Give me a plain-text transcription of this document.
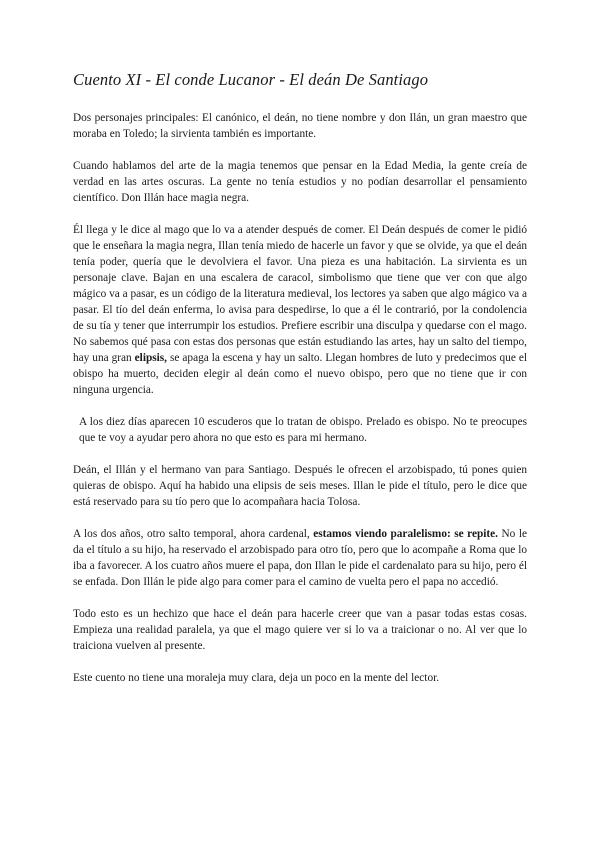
Cuento XI - El conde Lucanor - El deán De Santiago

Dos personajes principales: El canónico, el deán, no tiene nombre y don Ilán, un gran maestro que moraba en Toledo; la sirvienta también es importante.

Cuando hablamos del arte de la magia tenemos que pensar en la Edad Media, la gente creía de verdad en las artes oscuras. La gente no tenía estudios y no podían desarrollar el pensamiento científico. Don Illán hace magia negra.

Él llega y le dice al mago que lo va a atender después de comer. El Deán después de comer le pidió que le enseñara la magia negra, Illan tenía miedo de hacerle un favor y que se olvide, ya que el deán tenía poder, quería que le devolviera el favor. Una pieza es una habitación. La sirvienta es un personaje clave. Bajan en una escalera de caracol, simbolismo que tiene que ver con que algo mágico va a pasar, es un código de la literatura medieval, los lectores ya saben que algo mágico va a pasar. El tío del deán enferma, lo avisa para despedirse, lo que a él le contrarió, por la condolencia de su tía y tener que interrumpir los estudios. Prefiere escribir una disculpa y quedarse con el mago. No sabemos qué pasa con estas dos personas que están estudiando las artes, hay un salto del tiempo, hay una gran elipsis, se apaga la escena y hay un salto. Llegan hombres de luto y predecimos que el obispo ha muerto, deciden elegir al deán como el nuevo obispo, pero que no tiene que ir con ninguna urgencia.

A los diez días aparecen 10 escuderos que lo tratan de obispo. Prelado es obispo. No te preocupes que te voy a ayudar pero ahora no que esto es para mi hermano.

Deán, el Illán y el hermano van para Santiago. Después le ofrecen el arzobispado, tú pones quien quieras de obispo. Aquí ha habido una elipsis de seis meses. Illan le pide el título, pero le dice que está reservado para su tío pero que lo acompañara hacia Tolosa.

A los dos años, otro salto temporal, ahora cardenal, estamos viendo paralelismo: se repite. No le da el título a su hijo, ha reservado el arzobispado para otro tío, pero que lo acompañe a Roma que lo iba a favorecer. A los cuatro años muere el papa, don Illan le pide el cardenalato para su hijo, pero él se enfada. Don Illán le pide algo para comer para el camino de vuelta pero el papa no accedió.

Todo esto es un hechizo que hace el deán para hacerle creer que van a pasar todas estas cosas. Empieza una realidad paralela, ya que el mago quiere ver si lo va a traicionar o no. Al ver que lo traiciona vuelven al presente.

Este cuento no tiene una moraleja muy clara, deja un poco en la mente del lector.
